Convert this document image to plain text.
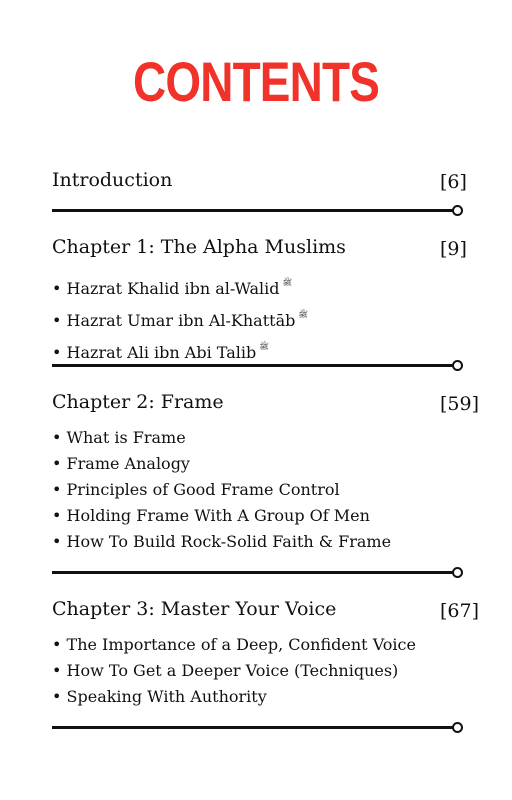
CONTENTS
Introduction	[6]
Chapter 1: The Alpha Muslims	[9]
• Hazrat Khalid ibn al-Walid $^ﷺ$
• Hazrat Umar ibn Al-Khattāb $^ﷺ$
• Hazrat Ali ibn Abi Talib $^ﷺ$
Chapter 2: Frame	[59]
• What is Frame
• Frame Analogy
• Principles of Good Frame Control
• Holding Frame With A Group Of Men
• How To Build Rock-Solid Faith & Frame
Chapter 3: Master Your Voice	[67]
• The Importance of a Deep, Confident Voice
• How To Get a Deeper Voice (Techniques)
• Speaking With Authority
